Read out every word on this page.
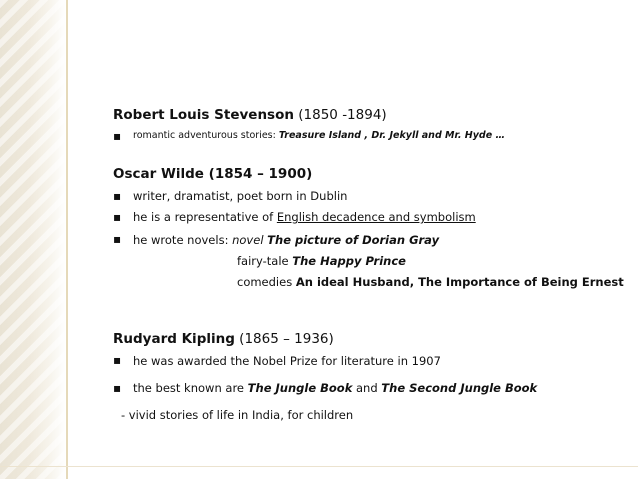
Robert Louis Stevenson (1850 -1894)
▪ romantic adventurous stories: Treasure Island , Dr. Jekyll and Mr. Hyde …
Oscar Wilde (1854 – 1900)
▪ writer, dramatist, poet born in Dublin
▪ he is a representative of English decadence and symbolism
▪ he wrote novels: novel The picture of Dorian Gray
fairy-tale The Happy Prince
comedies An ideal Husband, The Importance of Being Ernest
Rudyard Kipling (1865 – 1936)
▪ he was awarded the Nobel Prize for literature in 1907
▪ the best known are The Jungle Book and The Second Jungle Book
- vivid stories of life in India, for children
